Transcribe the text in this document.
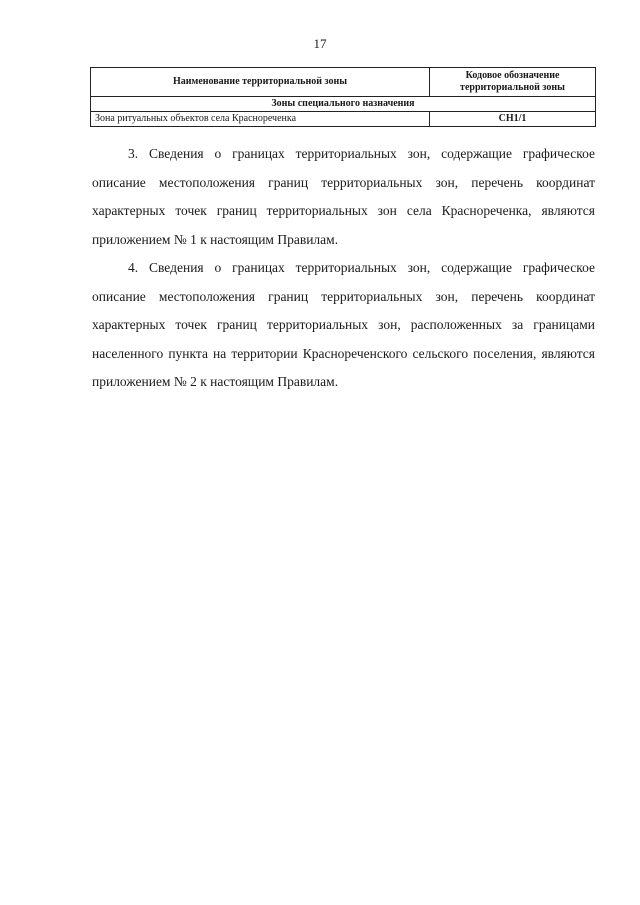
17
Наименование территориальной зоны	Кодовое обозначение территориальной зоны
Зоны специального назначения	
Зона ритуальных объектов села Краснореченка	СН1/1

3. Сведения о границах территориальных зон, содержащие графическое описание местоположения границ территориальных зон, перечень координат характерных точек границ территориальных зон села Краснореченка, являются приложением № 1 к настоящим Правилам.

4. Сведения о границах территориальных зон, содержащие графическое описание местоположения границ территориальных зон, перечень координат характерных точек границ территориальных зон, расположенных за границами населенного пункта на территории Краснореченского сельского поселения, являются приложением № 2 к настоящим Правилам.
